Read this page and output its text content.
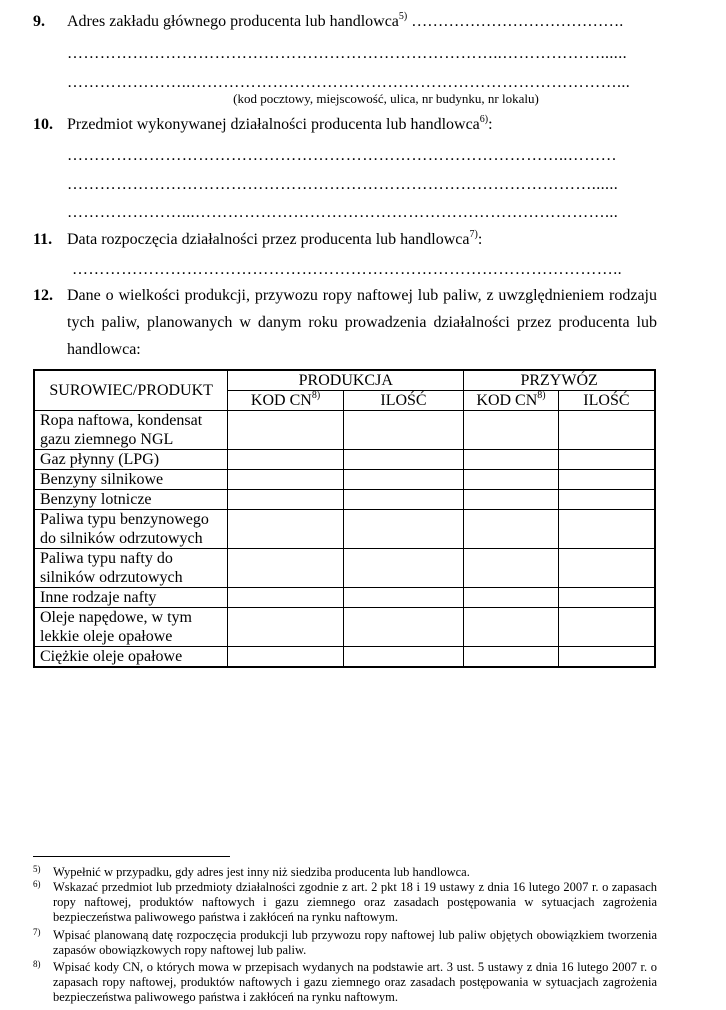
9. Adres zakładu głównego producenta lub handlowca$^{5)}$ ………………………………….
……………………………………………………………………..………………......
…………………..……………………………………………………………………...
(kod pocztowy, miejscowość, ulica, nr budynku, nr lokalu)
10. Przedmiot wykonywanej działalności producenta lub handlowca$^{6)}$:
………………………………………………………………………………..………
……………………………………………………………………………………......
…………………...…………………………………………………………………...
11. Data rozpoczęcia działalności przez producenta lub handlowca$^{7)}$:
………………………………………………………………………………………..
12. Dane o wielkości produkcji, przywozu ropy naftowej lub paliw, z uwzględnieniem rodzaju
tych paliw, planowanych w danym roku prowadzenia działalności przez producenta lub
handlowca:
SUROWIEC/PRODUKT	PRODUKCJA		PRZYWÓZ	
	KOD CN$^{8)}$	ILOŚĆ	KOD CN$^{8)}$	ILOŚĆ

Ropa naftowa, kondensat
gazu ziemnego NGL				

Gaz płynny (LPG)				

Benzyny silnikowe				

Benzyny lotnicze				

Paliwa typu benzynowego
do silników odrzutowych				

Paliwa typu nafty do
silników odrzutowych				

Inne rodzaje nafty				

Oleje napędowe, w tym
lekkie oleje opałowe				

Ciężkie oleje opałowe				

5) Wypełnić w przypadku, gdy adres jest inny niż siedziba producenta lub handlowca.
6) Wskazać przedmiot lub przedmioty działalności zgodnie z art. 2 pkt 18 i 19 ustawy z dnia 16 lutego 2007 r. o zapasach ropy naftowej, produktów naftowych i gazu ziemnego oraz zasadach postępowania w sytuacjach zagrożenia bezpieczeństwa paliwowego państwa i zakłóceń na rynku naftowym.
7) Wpisać planowaną datę rozpoczęcia produkcji lub przywozu ropy naftowej lub paliw objętych obowiązkiem tworzenia zapasów obowiązkowych ropy naftowej lub paliw.
8) Wpisać kody CN, o których mowa w przepisach wydanych na podstawie art. 3 ust. 5 ustawy z dnia 16 lutego 2007 r. o zapasach ropy naftowej, produktów naftowych i gazu ziemnego oraz zasadach postępowania w sytuacjach zagrożenia bezpieczeństwa paliwowego państwa i zakłóceń na rynku naftowym.
